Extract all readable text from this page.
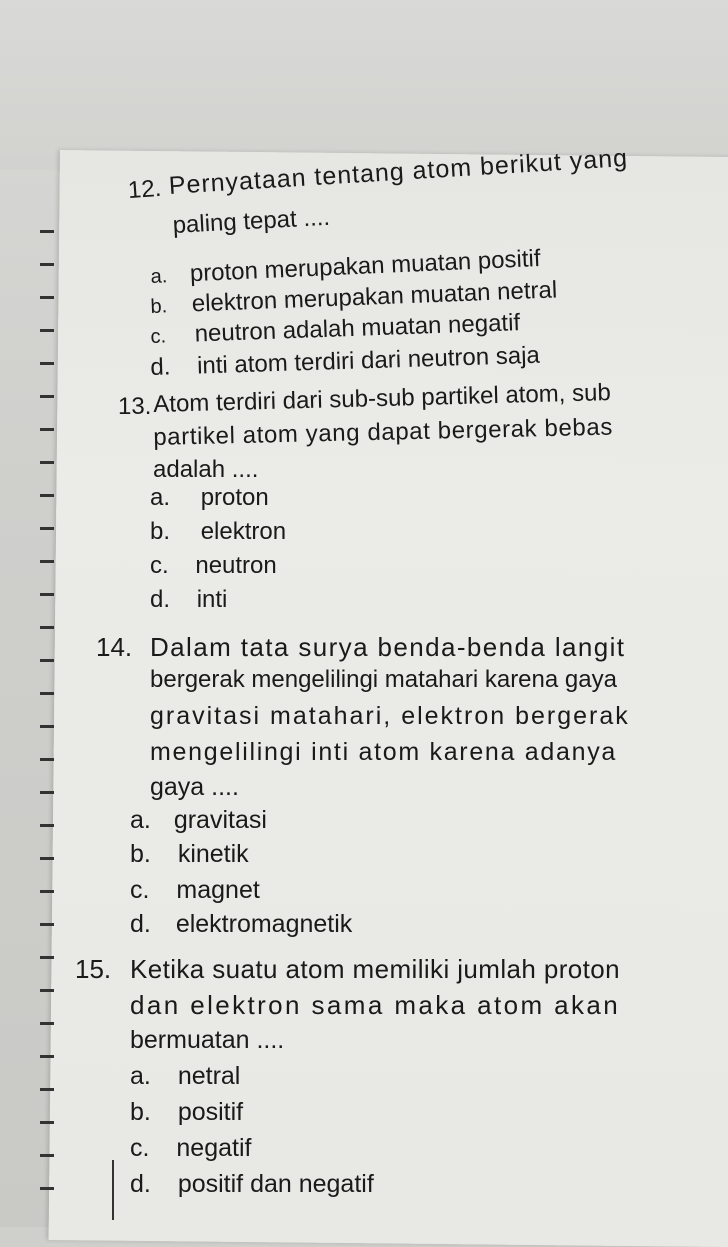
12. Pernyataan tentang atom berikut yang
paling tepat ....
a. proton merupakan muatan positif
b. elektron merupakan muatan netral
c. neutron adalah muatan negatif
d. inti atom terdiri dari neutron saja
13. Atom terdiri dari sub-sub partikel atom, sub
partikel atom yang dapat bergerak bebas
adalah ....
a. proton
b. elektron
c. neutron
d. inti
14. Dalam tata surya benda-benda langit
bergerak mengelilingi matahari karena gaya
gravitasi matahari, elektron bergerak
mengelilingi inti atom karena adanya
gaya ....
a. gravitasi
b. kinetik
c. magnet
d. elektromagnetik
15. Ketika suatu atom memiliki jumlah proton
dan elektron sama maka atom akan
bermuatan ....
a. netral
b. positif
c. negatif
d. positif dan negatif
